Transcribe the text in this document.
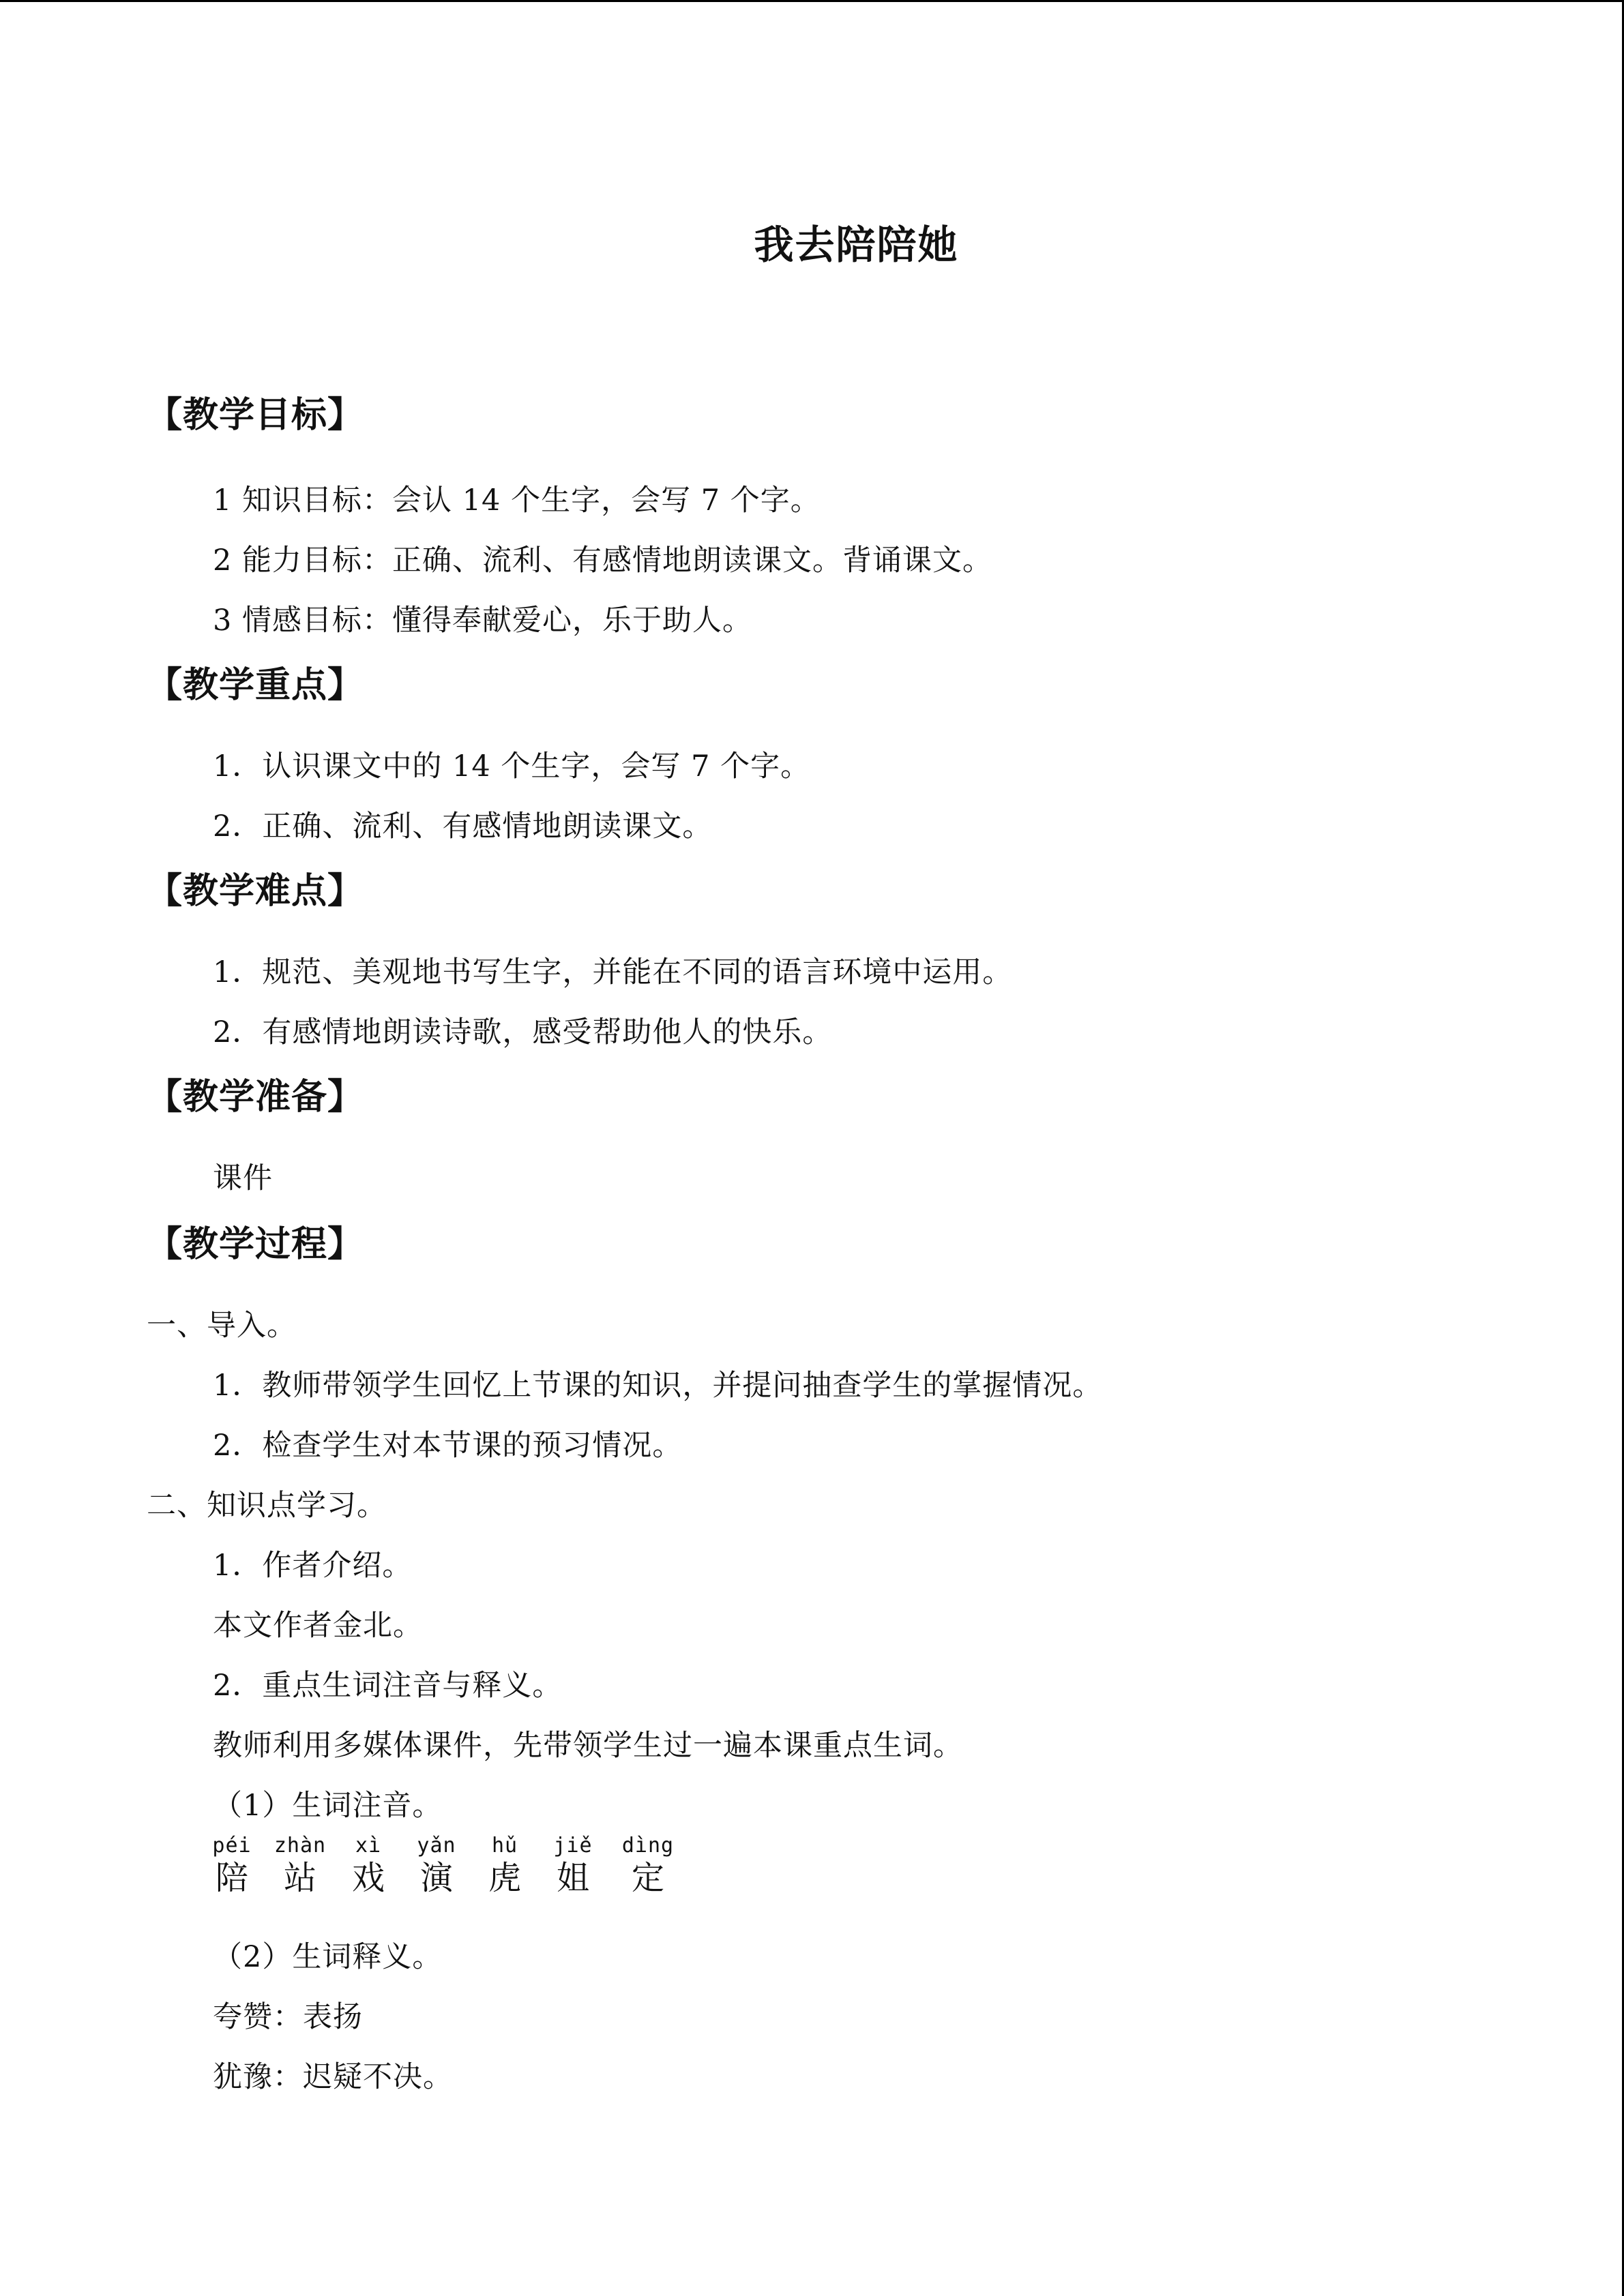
我去陪陪她
【教学目标】
1 知识目标：会认 14 个生字，会写 7 个字。
2 能力目标：正确、流利、有感情地朗读课文。背诵课文。
3 情感目标：懂得奉献爱心，乐于助人。
【教学重点】
1．认识课文中的 14 个生字，会写 7 个字。
2．正确、流利、有感情地朗读课文。
【教学难点】
1．规范、美观地书写生字，并能在不同的语言环境中运用。
2．有感情地朗读诗歌，感受帮助他人的快乐。
【教学准备】
课件
【教学过程】
一、导入。
1．教师带领学生回忆上节课的知识，并提问抽查学生的掌握情况。
2．检查学生对本节课的预习情况。
二、知识点学习。
1．作者介绍。
本文作者金北。
2．重点生词注音与释义。
教师利用多媒体课件，先带领学生过一遍本课重点生词。
（1）生词注音。
péi
陪
zhàn
站
xì
戏
yǎn
演
hǔ
虎
jiě
姐
dìng
定
（2）生词释义。
夸赞：表扬
犹豫：迟疑不决。
